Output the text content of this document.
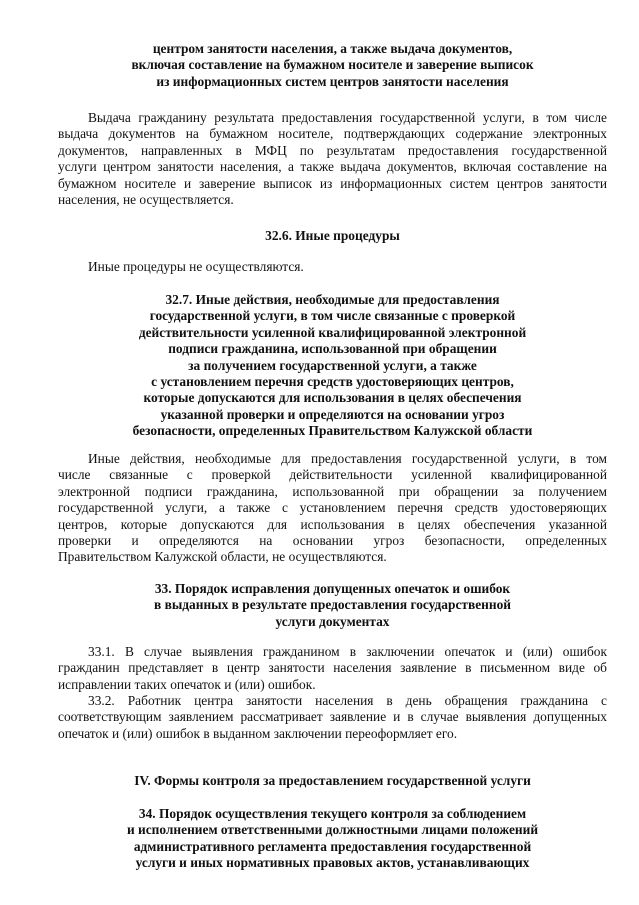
центром занятости населения, а также выдача документов,
включая составление на бумажном носителе и заверение выписок
из информационных систем центров занятости населения
Выдача гражданину результата предоставления государственной услуги, в том числе
выдача документов на бумажном носителе, подтверждающих содержание электронных
документов, направленных в МФЦ по результатам предоставления государственной
услуги центром занятости населения, а также выдача документов, включая составление на
бумажном носителе и заверение выписок из информационных систем центров занятости
населения, не осуществляется.
32.6. Иные процедуры
Иные процедуры не осуществляются.
32.7. Иные действия, необходимые для предоставления
государственной услуги, в том числе связанные с проверкой
действительности усиленной квалифицированной электронной
подписи гражданина, использованной при обращении
за получением государственной услуги, а также
с установлением перечня средств удостоверяющих центров,
которые допускаются для использования в целях обеспечения
указанной проверки и определяются на основании угроз
безопасности, определенных Правительством Калужской области
Иные действия, необходимые для предоставления государственной услуги, в том
числе связанные с проверкой действительности усиленной квалифицированной
электронной подписи гражданина, использованной при обращении за получением
государственной услуги, а также с установлением перечня средств удостоверяющих
центров, которые допускаются для использования в целях обеспечения указанной
проверки и определяются на основании угроз безопасности, определенных
Правительством Калужской области, не осуществляются.
33. Порядок исправления допущенных опечаток и ошибок
в выданных в результате предоставления государственной
услуги документах
33.1. В случае выявления гражданином в заключении опечаток и (или) ошибок
гражданин представляет в центр занятости населения заявление в письменном виде об
исправлении таких опечаток и (или) ошибок.
33.2. Работник центра занятости населения в день обращения гражданина с
соответствующим заявлением рассматривает заявление и в случае выявления допущенных
опечаток и (или) ошибок в выданном заключении переоформляет его.
IV. Формы контроля за предоставлением государственной услуги
34. Порядок осуществления текущего контроля за соблюдением
и исполнением ответственными должностными лицами положений
административного регламента предоставления государственной
услуги и иных нормативных правовых актов, устанавливающих
